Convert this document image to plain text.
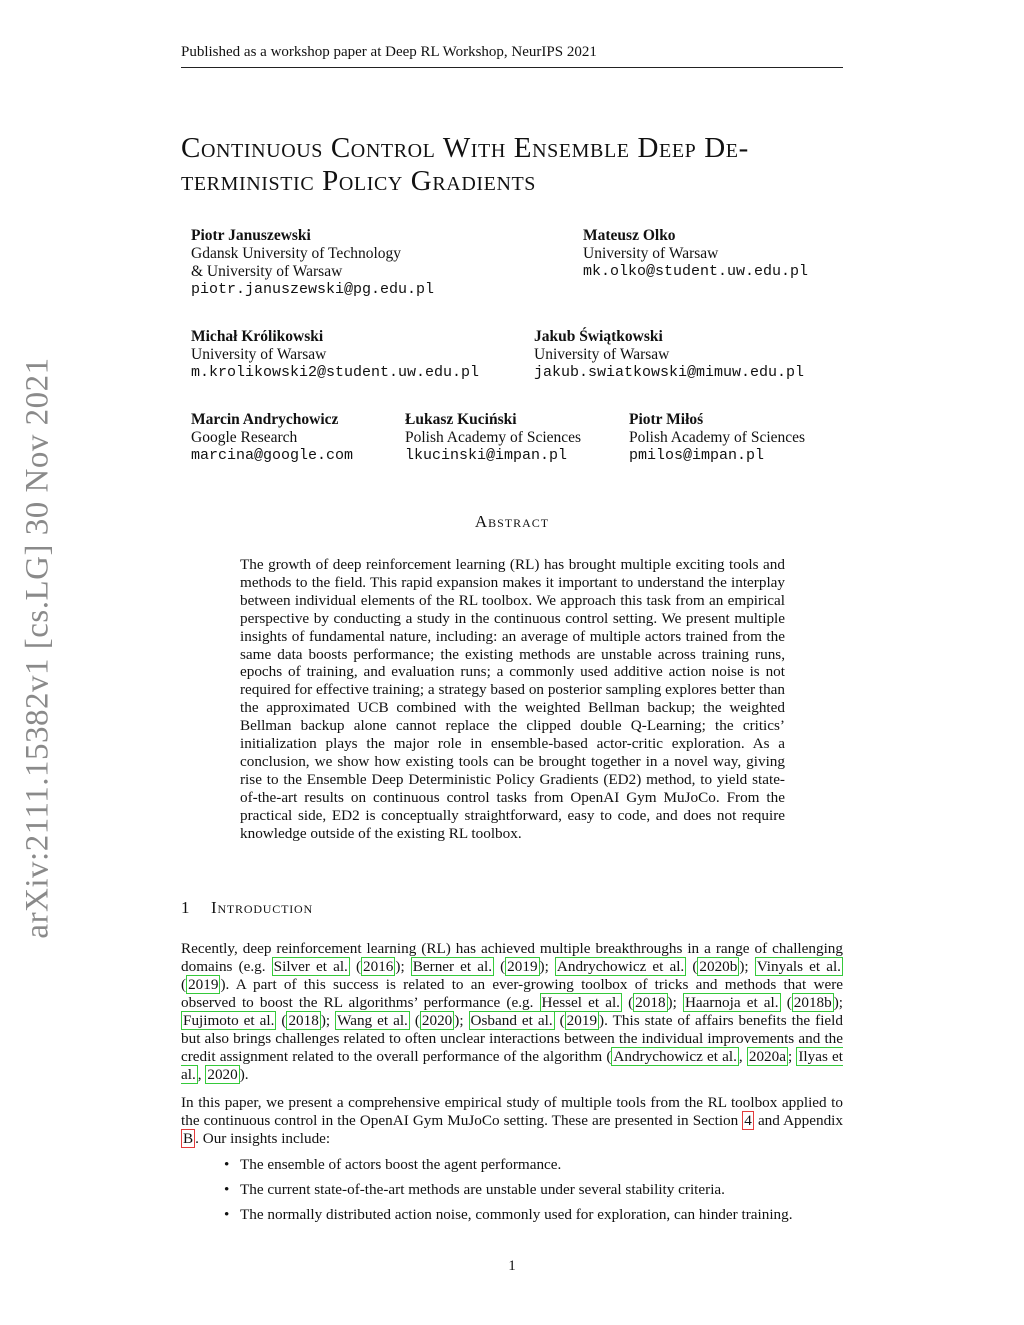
Published as a workshop paper at Deep RL Workshop, NeurIPS 2021
arXiv:2111.15382v1 [cs.LG] 30 Nov 2021
Continuous Control With Ensemble Deep De-
terministic Policy Gradients
Piotr Januszewski
Gdansk University of Technology
& University of Warsaw
piotr.januszewski@pg.edu.pl
Mateusz Olko
University of Warsaw
mk.olko@student.uw.edu.pl
Michał Królikowski
University of Warsaw
m.krolikowski2@student.uw.edu.pl
Jakub Świątkowski
University of Warsaw
jakub.swiatkowski@mimuw.edu.pl
Marcin Andrychowicz
Google Research
marcina@google.com
Łukasz Kuciński
Polish Academy of Sciences
lkucinski@impan.pl
Piotr Miłoś
Polish Academy of Sciences
pmilos@impan.pl
Abstract
The growth of deep reinforcement learning (RL) has brought multiple exciting tools and methods to the field. This rapid expansion makes it important to understand the interplay between individual elements of the RL toolbox. We approach this task from an empirical perspective by conducting a study in the continuous control setting. We present multiple insights of fundamental nature, including: an average of multiple actors trained from the same data boosts performance; the existing methods are unstable across training runs, epochs of training, and evaluation runs; a commonly used additive action noise is not required for effective training; a strategy based on posterior sampling explores better than the approximated UCB combined with the weighted Bellman backup; the weighted Bellman backup alone cannot replace the clipped double Q-Learning; the critics’ initialization plays the major role in ensemble-based actor-critic exploration. As a conclusion, we show how existing tools can be brought together in a novel way, giving rise to the Ensemble Deep Deterministic Policy Gradients (ED2) method, to yield state-of-the-art results on continuous control tasks from OpenAI Gym MuJoCo. From the practical side, ED2 is conceptually straightforward, easy to code, and does not require knowledge outside of the existing RL toolbox.
1 Introduction
Recently, deep reinforcement learning (RL) has achieved multiple breakthroughs in a range of challenging domains (e.g. Silver et al. ( 2016 ); Berner et al. ( 2019 ); Andrychowicz et al. ( 2020b ); Vinyals et al. ( 2019 ). A part of this success is related to an ever-growing toolbox of tricks and methods that were observed to boost the RL algorithms’ performance (e.g. Hessel et al. ( 2018 ); Haarnoja et al. ( 2018b ); Fujimoto et al. ( 2018 ); Wang et al. ( 2020 ); Osband et al. ( 2019 ). This state of affairs benefits the field but also brings challenges related to often unclear interactions between the individual improvements and the credit assignment related to the overall performance of the algorithm ( Andrychowicz et al. , 2020a ; Ilyas et al. , 2020 ).
In this paper, we present a comprehensive empirical study of multiple tools from the RL toolbox applied to the continuous control in the OpenAI Gym MuJoCo setting. These are presented in Section 4 and Appendix B . Our insights include:
• The ensemble of actors boost the agent performance.
• The current state-of-the-art methods are unstable under several stability criteria.
• The normally distributed action noise, commonly used for exploration, can hinder training.
1
